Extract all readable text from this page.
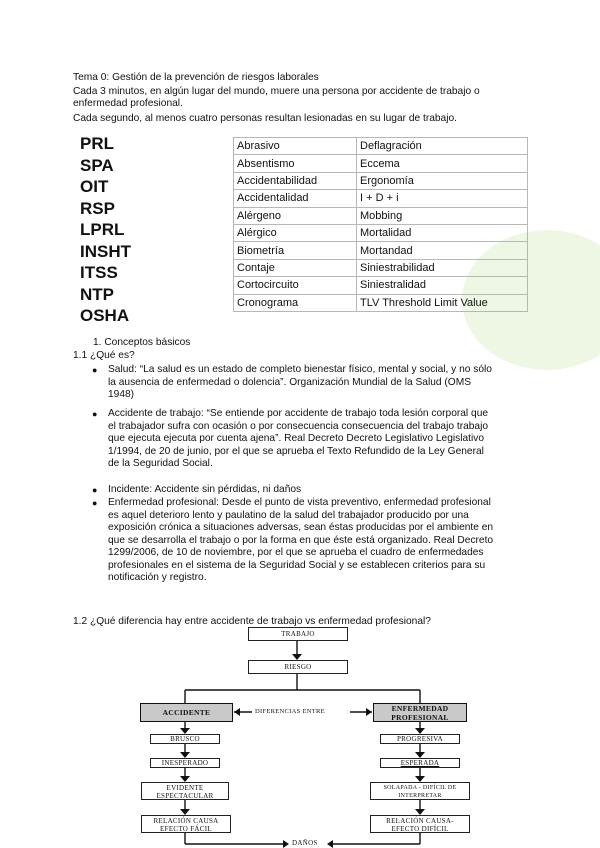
Tema 0: Gestión de la prevención de riesgos laborales
Cada 3 minutos, en algún lugar del mundo, muere una persona por accidente de trabajo o
enfermedad profesional.
Cada segundo, al menos cuatro personas resultan lesionadas en su lugar de trabajo.
PRL
SPA
OIT
RSP
LPRL
INSHT
ITSS
NTP
OSHA
Abrasivo	Deflagración
Absentismo	Eccema
Accidentabilidad	Ergonomía
Accidentalidad	I + D + i
Alérgeno	Mobbing
Alérgico	Mortalidad
Biometría	Mortandad
Contaje	Siniestrabilidad
Cortocircuito	Siniestralidad
Cronograma	TLV Threshold Limit Value
1. Conceptos básicos
1.1 ¿Qué es?
● Salud: “La salud es un estado de completo bienestar físico, mental y social, y no sólo
la ausencia de enfermedad o dolencia”. Organización Mundial de la Salud (OMS
1948)
● Accidente de trabajo: “Se entiende por accidente de trabajo toda lesión corporal que
el trabajador sufra con ocasión o por consecuencia consecuencia del trabajo trabajo
que ejecuta ejecuta por cuenta ajena”. Real Decreto Decreto Legislativo Legislativo
1/1994, de 20 de junio, por el que se aprueba el Texto Refundido de la Ley General
de la Seguridad Social.
● Incidente: Accidente sin pérdidas, ni daños
● Enfermedad profesional: Desde el punto de vista preventivo, enfermedad profesional
es aquel deterioro lento y paulatino de la salud del trabajador producido por una
exposición crónica a situaciones adversas, sean éstas producidas por el ambiente en
que se desarrolla el trabajo o por la forma en que éste está organizado. Real Decreto
1299/2006, de 10 de noviembre, por el que se aprueba el cuadro de enfermedades
profesionales en el sistema de la Seguridad Social y se establecen criterios para su
notificación y registro.
1.2 ¿Qué diferencia hay entre accidente de trabajo vs enfermedad profesional?
TRABAJO
RIESGO
ACCIDENTE	DIFERENCIAS ENTRE	ENFERMEDAD
PROFESIONAL
BRUSCO
INESPERADO
EVIDENTE
ESPECTACULAR
RELACIÓN CAUSA
EFECTO FÁCIL
PROGRESIVA
ESPERADA
SOLAPADA - DIFÍCIL DE
INTERPRETAR
RELACIÓN CAUSA-
EFECTO DIFÍCIL
DAÑOS
